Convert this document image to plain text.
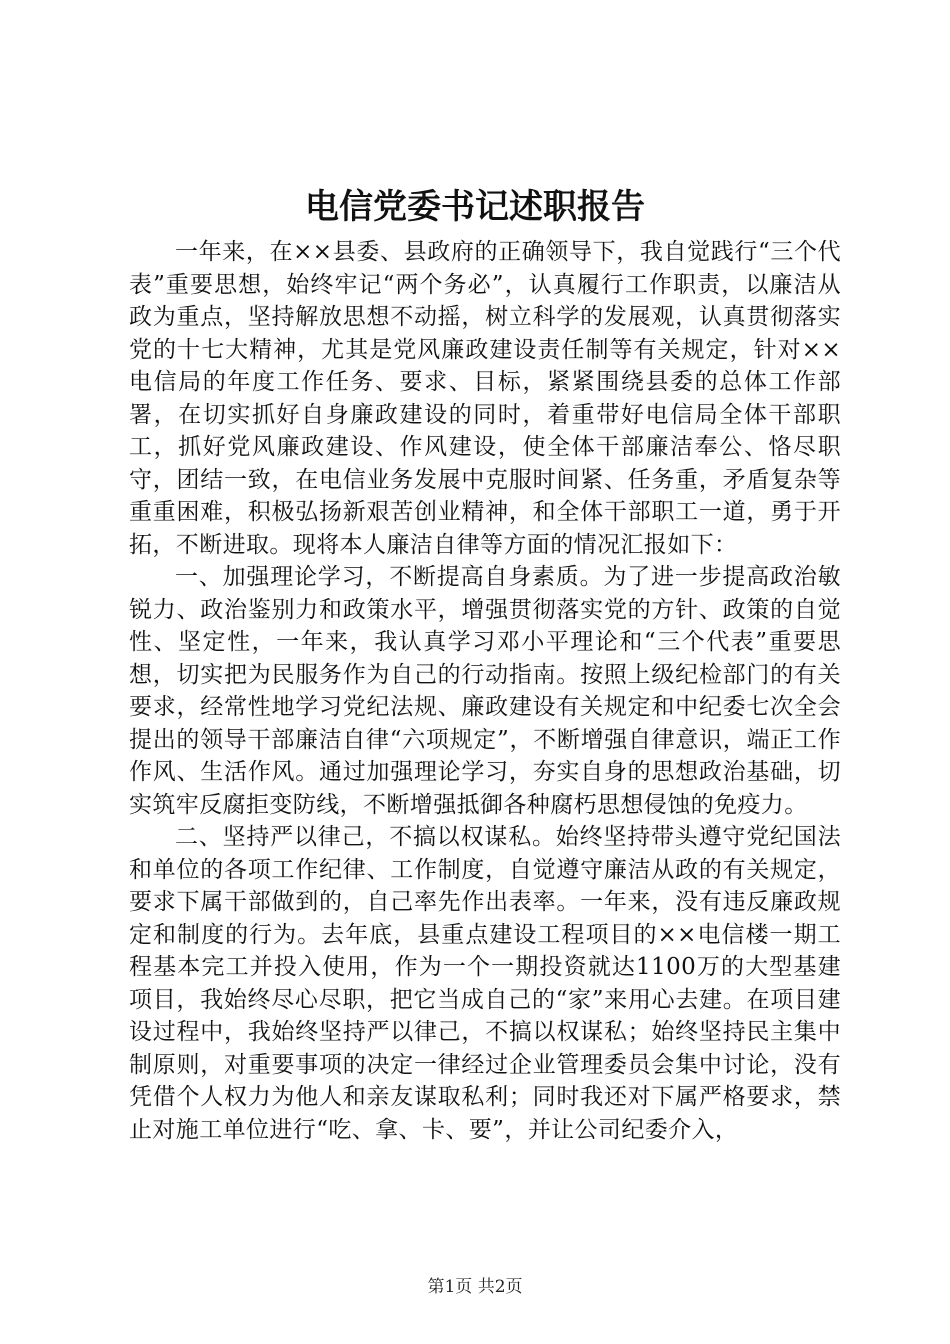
电信党委书记述职报告

一年来，在××县委、县政府的正确领导下，我自觉践行“三个代表”重要思想，始终牢记“两个务必”，认真履行工作职责，以廉洁从政为重点，坚持解放思想不动摇，树立科学的发展观，认真贯彻落实党的十七大精神，尤其是党风廉政建设责任制等有关规定，针对××电信局的年度工作任务、要求、目标，紧紧围绕县委的总体工作部署，在切实抓好自身廉政建设的同时，着重带好电信局全体干部职工，抓好党风廉政建设、作风建设，使全体干部廉洁奉公、恪尽职守，团结一致，在电信业务发展中克服时间紧、任务重，矛盾复杂等重重困难，积极弘扬新艰苦创业精神，和全体干部职工一道，勇于开拓，不断进取。现将本人廉洁自律等方面的情况汇报如下：

一、加强理论学习，不断提高自身素质。为了进一步提高政治敏锐力、政治鉴别力和政策水平，增强贯彻落实党的方针、政策的自觉性、坚定性，一年来，我认真学习邓小平理论和“三个代表”重要思想，切实把为民服务作为自己的行动指南。按照上级纪检部门的有关要求，经常性地学习党纪法规、廉政建设有关规定和中纪委七次全会提出的领导干部廉洁自律“六项规定”，不断增强自律意识，端正工作作风、生活作风。通过加强理论学习，夯实自身的思想政治基础，切实筑牢反腐拒变防线，不断增强抵御各种腐朽思想侵蚀的免疫力。

二、坚持严以律己，不搞以权谋私。始终坚持带头遵守党纪国法和单位的各项工作纪律、工作制度，自觉遵守廉洁从政的有关规定，要求下属干部做到的，自己率先作出表率。一年来，没有违反廉政规定和制度的行为。去年底，县重点建设工程项目的××电信楼一期工程基本完工并投入使用，作为一个一期投资就达1100万的大型基建项目，我始终尽心尽职，把它当成自己的“家”来用心去建。在项目建设过程中，我始终坚持严以律己，不搞以权谋私；始终坚持民主集中制原则，对重要事项的决定一律经过企业管理委员会集中讨论，没有凭借个人权力为他人和亲友谋取私利；同时我还对下属严格要求，禁止对施工单位进行“吃、拿、卡、要”，并让公司纪委介入，

第1页 共2页
